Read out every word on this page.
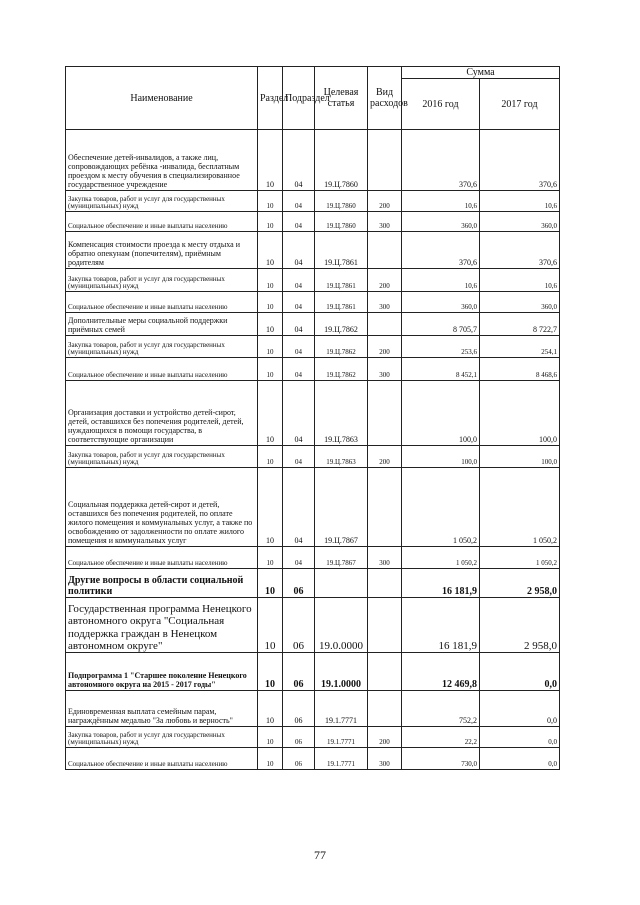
Наименование	Раздел	Подраздел	Целевая статья	Вид расходов	Сумма	
					2016 год	2017 год
Обеспечение детей-инвалидов, а также лиц, сопровождающих ребёнка -инвалида, бесплатным проездом к месту обучения в специализированное государственное учреждение	10	04	19.Ц.7860		370,6	370,6
Закупка товаров, работ и услуг для государственных (муниципальных) нужд	10	04	19.Ц.7860	200	10,6	10,6
Социальное обеспечение и иные выплаты населению	10	04	19.Ц.7860	300	360,0	360,0
Компенсация стоимости проезда к месту отдыха и обратно опекунам (попечителям), приёмным родителям	10	04	19.Ц.7861		370,6	370,6
Закупка товаров, работ и услуг для государственных (муниципальных) нужд	10	04	19.Ц.7861	200	10,6	10,6
Социальное обеспечение и иные выплаты населению	10	04	19.Ц.7861	300	360,0	360,0
Дополнительные меры социальной поддержки приёмных семей	10	04	19.Ц.7862		8 705,7	8 722,7
Закупка товаров, работ и услуг для государственных (муниципальных) нужд	10	04	19.Ц.7862	200	253,6	254,1
Социальное обеспечение и иные выплаты населению	10	04	19.Ц.7862	300	8 452,1	8 468,6
Организация доставки и устройство детей-сирот, детей, оставшихся без попечения родителей, детей, нуждающихся в помощи государства, в соответствующие организации	10	04	19.Ц.7863		100,0	100,0
Закупка товаров, работ и услуг для государственных (муниципальных) нужд	10	04	19.Ц.7863	200	100,0	100,0
Социальная поддержка детей-сирот и детей, оставшихся без попечения родителей, по оплате жилого помещения и коммунальных услуг, а также по освобождению от задолженности по оплате жилого помещения и коммунальных услуг	10	04	19.Ц.7867		1 050,2	1 050,2
Социальное обеспечение и иные выплаты населению	10	04	19.Ц.7867	300	1 050,2	1 050,2
Другие вопросы в области социальной политики	10	06			16 181,9	2 958,0
Государственная программа Ненецкого автономного округа "Социальная поддержка граждан в Ненецком автономном округе"	10	06	19.0.0000		16 181,9	2 958,0
Подпрограмма 1 "Старшее поколение Ненецкого автономного округа на 2015 - 2017 годы"	10	06	19.1.0000		12 469,8	0,0
Единовременная выплата семейным парам, награждённым медалью "За любовь и верность"	10	06	19.1.7771		752,2	0,0
Закупка товаров, работ и услуг для государственных (муниципальных) нужд	10	06	19.1.7771	200	22,2	0,0
Социальное обеспечение и иные выплаты населению	10	06	19.1.7771	300	730,0	0,0
77
